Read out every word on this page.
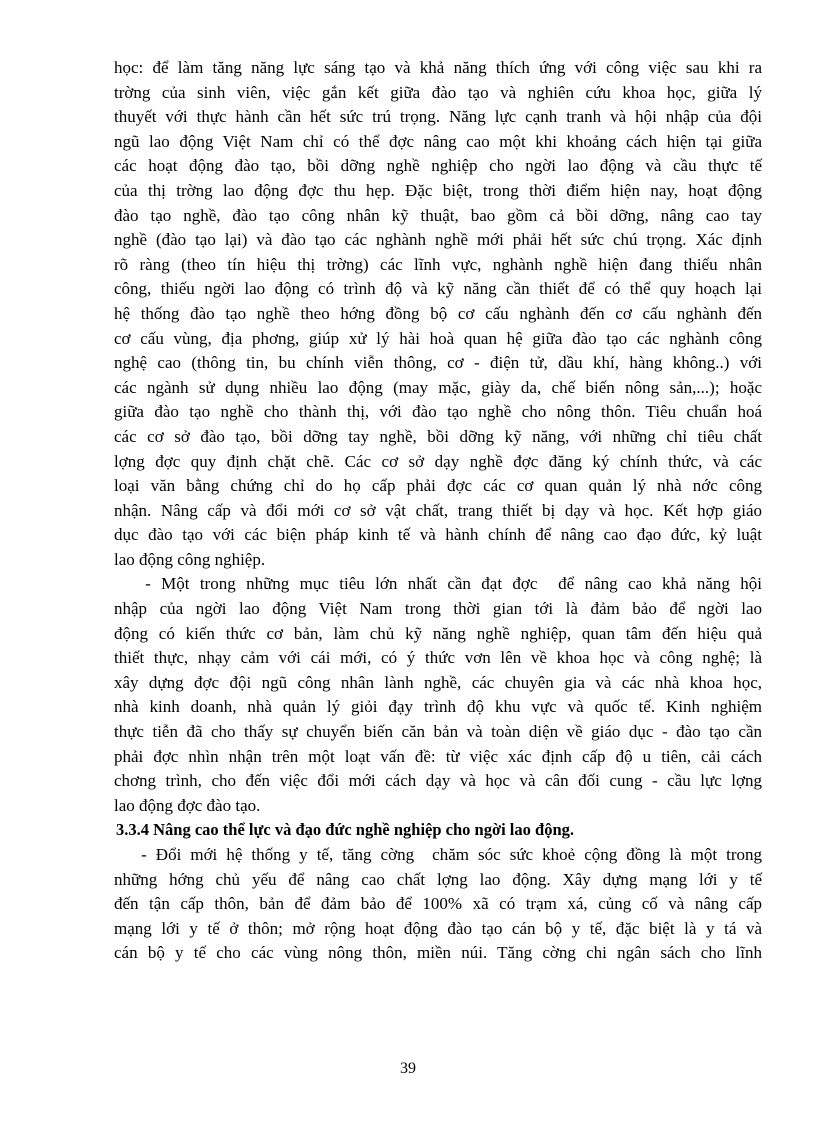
học: để làm tăng năng lực sáng tạo và khả năng thích ứng với công việc sau khi ra
trờng của sinh viên, việc gắn kết giữa đào tạo và nghiên cứu khoa học, giữa lý
thuyết với thực hành cần hết sức trú trọng. Năng lực cạnh tranh và hội nhập của đội
ngũ lao động Việt Nam chỉ có thể đợc nâng cao một khi khoảng cách hiện tại giữa
các hoạt động đào tạo, bồi dỡng nghề nghiệp cho ngời lao động và cầu thực tế
của thị trờng lao động đợc thu hẹp. Đặc biệt, trong thời điểm hiện nay, hoạt động
đào tạo nghề, đào tạo công nhân kỹ thuật, bao gồm cả bồi dỡng, nâng cao tay
nghề (đào tạo lại) và đào tạo các nghành nghề mới phải hết sức chú trọng. Xác định
rõ ràng (theo tín hiệu thị trờng) các lĩnh vực, nghành nghề hiện đang thiếu nhân
công, thiếu ngời lao động có trình độ và kỹ năng cần thiết để có thể quy hoạch lại
hệ thống đào tạo nghề theo hớng đồng bộ cơ cấu nghành đến cơ cấu nghành đến
cơ cấu vùng, địa phơng, giúp xử lý hài hoà quan hệ giữa đào tạo các nghành công
nghệ cao (thông tin, bu chính viễn thông, cơ - điện tử, dầu khí, hàng không..) với
các ngành sử dụng nhiều lao động (may mặc, giày da, chế biến nông sản,...); hoặc
giữa đào tạo nghề cho thành thị, với đào tạo nghề cho nông thôn. Tiêu chuẩn hoá
các cơ sở đào tạo, bồi dỡng tay nghề, bồi dỡng kỹ năng, với những chỉ tiêu chất
lợng đợc quy định chặt chẽ. Các cơ sở dạy nghề đợc đăng ký chính thức, và các
loại văn bằng chứng chỉ do họ cấp phải đợc các cơ quan quản lý nhà nớc công
nhận. Nâng cấp và đổi mới cơ sở vật chất, trang thiết bị dạy và học. Kết hợp giáo
dục đào tạo với các biện pháp kinh tế và hành chính để nâng cao đạo đức, kỷ luật
lao động công nghiệp.
- Một trong những mục tiêu lớn nhất cần đạt đợc  để nâng cao khả năng hội
nhập của ngời lao động Việt Nam trong thời gian tới là đảm bảo để ngời lao
động có kiến thức cơ bản, làm chủ kỹ năng nghề nghiệp, quan tâm đến hiệu quả
thiết thực, nhạy cảm với cái mới, có ý thức vơn lên về khoa học và công nghệ; là
xây dựng đợc đội ngũ công nhân lành nghề, các chuyên gia và các nhà khoa học,
nhà kinh doanh, nhà quản lý giỏi đạy trình độ khu vực và quốc tế. Kinh nghiệm
thực tiễn đã cho thấy sự chuyển biến căn bản và toàn diện về giáo dục - đào tạo cần
phải đợc nhìn nhận trên một loạt vấn đề: từ việc xác định cấp độ u tiên, cải cách
chơng trình, cho đến việc đổi mới cách dạy và học và cân đối cung - cầu lực lợng
lao động đợc đào tạo.
3.3.4 Nâng cao thể lực và đạo đức nghề nghiệp cho ngời lao động.
- Đổi mới hệ thống y tế, tăng cờng  chăm sóc sức khoẻ cộng đồng là một trong
những hớng chủ yếu để nâng cao chất lợng lao động. Xây dựng mạng lới y tế
đến tận cấp thôn, bản để đảm bảo để 100% xã có trạm xá, củng cố và nâng cấp
mạng lới y tế ở thôn; mở rộng hoạt động đào tạo cán bộ y tế, đặc biệt là y tá và
cán bộ y tế cho các vùng nông thôn, miền núi. Tăng cờng chi ngân sách cho lĩnh
39
